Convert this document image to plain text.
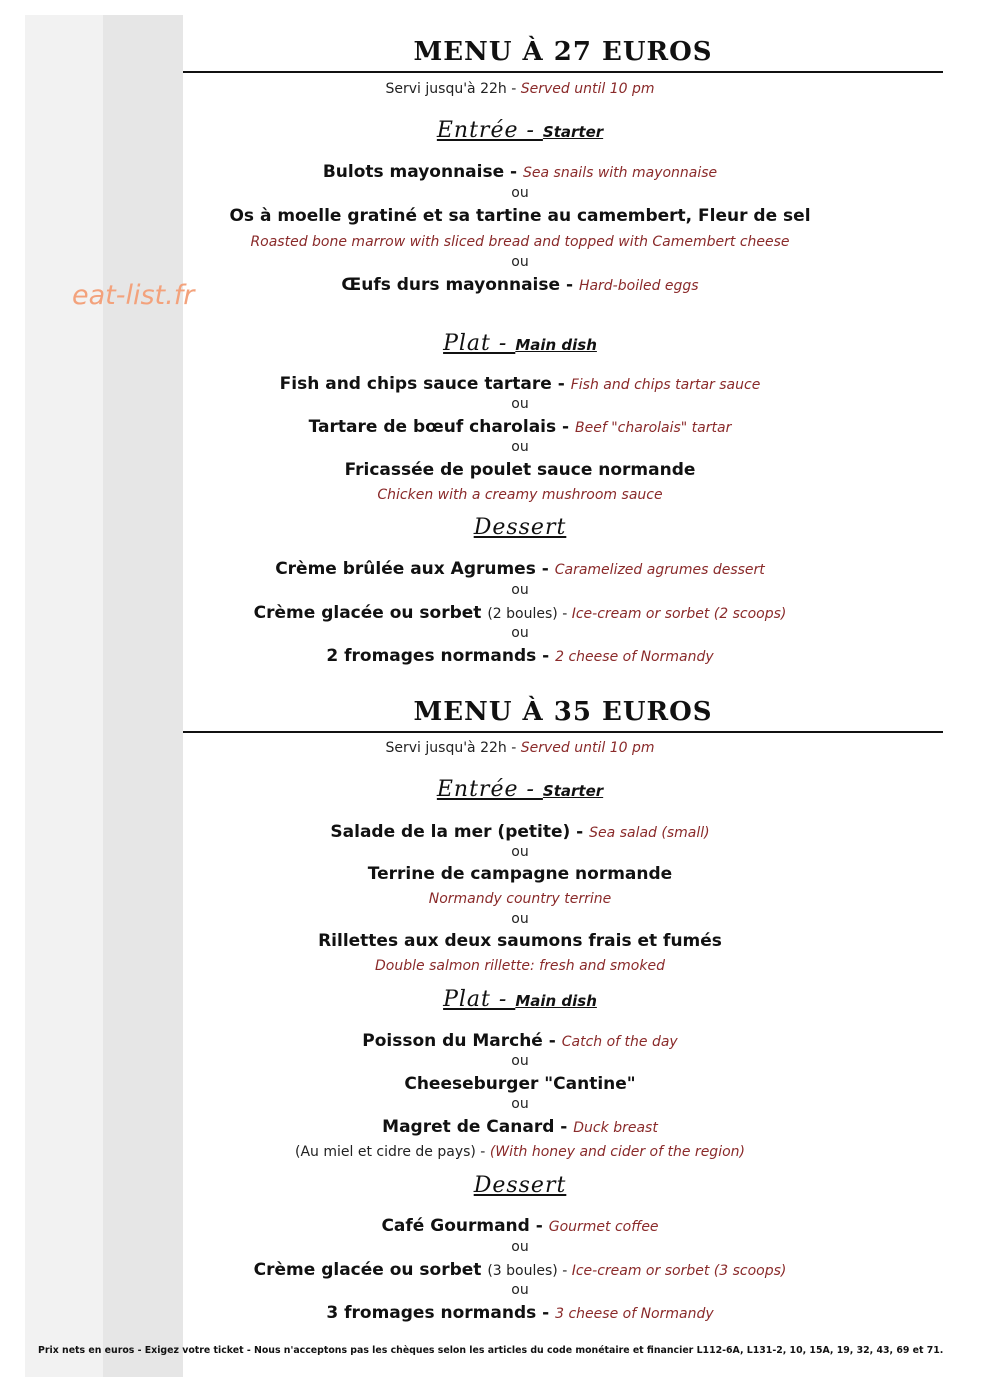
eat-list.fr
MENU À 27 EUROS
Servi jusqu'à 22h - Served until 10 pm
Entrée - Starter
Bulots mayonnaise - Sea snails with mayonnaise
ou
Os à moelle gratiné et sa tartine au camembert, Fleur de sel
Roasted bone marrow with sliced bread and topped with Camembert cheese
ou
Œufs durs mayonnaise - Hard-boiled eggs
Plat - Main dish
Fish and chips sauce tartare - Fish and chips tartar sauce
ou
Tartare de bœuf charolais - Beef "charolais" tartar
ou
Fricassée de poulet sauce normande
Chicken with a creamy mushroom sauce
Dessert
Crème brûlée aux Agrumes - Caramelized agrumes dessert
ou
Crème glacée ou sorbet (2 boules) - Ice-cream or sorbet (2 scoops)
ou
2 fromages normands - 2 cheese of Normandy
MENU À 35 EUROS
Servi jusqu'à 22h - Served until 10 pm
Entrée - Starter
Salade de la mer (petite) - Sea salad (small)
ou
Terrine de campagne normande
Normandy country terrine
ou
Rillettes aux deux saumons frais et fumés
Double salmon rillette: fresh and smoked
Plat - Main dish
Poisson du Marché - Catch of the day
ou
Cheeseburger "Cantine"
ou
Magret de Canard - Duck breast
(Au miel et cidre de pays) - (With honey and cider of the region)
Dessert
Café Gourmand - Gourmet coffee
ou
Crème glacée ou sorbet (3 boules) - Ice-cream or sorbet (3 scoops)
ou
3 fromages normands - 3 cheese of Normandy
Prix nets en euros - Exigez votre ticket - Nous n'acceptons pas les chèques selon les articles du code monétaire et financier L112-6A, L131-2, 10, 15A, 19, 32, 43, 69 et 71.
